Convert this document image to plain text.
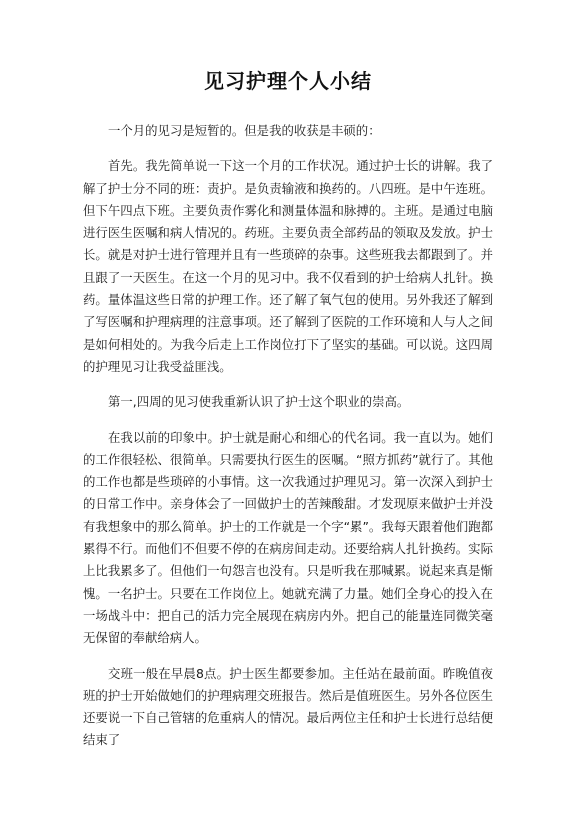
见习护理个人小结

一个月的见习是短暂的。但是我的收获是丰硕的：

首先。我先简单说一下这一个月的工作状况。通过护士长的讲解。我了解了护士分不同的班：责护。是负责输液和换药的。八四班。是中午连班。但下午四点下班。主要负责作雾化和测量体温和脉搏的。主班。是通过电脑进行医生医嘱和病人情况的。药班。主要负责全部药品的领取及发放。护士长。就是对护士进行管理并且有一些琐碎的杂事。这些班我去都跟到了。并且跟了一天医生。在这一个月的见习中。我不仅看到的护士给病人扎针。换药。量体温这些日常的护理工作。还了解了氧气包的使用。另外我还了解到了写医嘱和护理病理的注意事项。还了解到了医院的工作环境和人与人之间是如何相处的。为我今后走上工作岗位打下了坚实的基础。可以说。这四周的护理见习让我受益匪浅。

第一,四周的见习使我重新认识了护士这个职业的崇高。

在我以前的印象中。护士就是耐心和细心的代名词。我一直以为。她们的工作很轻松、很简单。只需要执行医生的医嘱。“照方抓药”就行了。其他的工作也都是些琐碎的小事情。这一次我通过护理见习。第一次深入到护士的日常工作中。亲身体会了一回做护士的苦辣酸甜。才发现原来做护士并没有我想象中的那么简单。护士的工作就是一个字“累”。我每天跟着他们跑都累得不行。而他们不但要不停的在病房间走动。还要给病人扎针换药。实际上比我累多了。但他们一句怨言也没有。只是听我在那喊累。说起来真是惭愧。一名护士。只要在工作岗位上。她就充满了力量。她们全身心的投入在一场战斗中：把自己的活力完全展现在病房内外。把自己的能量连同微笑毫无保留的奉献给病人。

交班一般在早晨8点。护士医生都要参加。主任站在最前面。昨晚值夜班的护士开始做她们的护理病理交班报告。然后是值班医生。另外各位医生还要说一下自己管辖的危重病人的情况。最后两位主任和护士长进行总结便结束了
